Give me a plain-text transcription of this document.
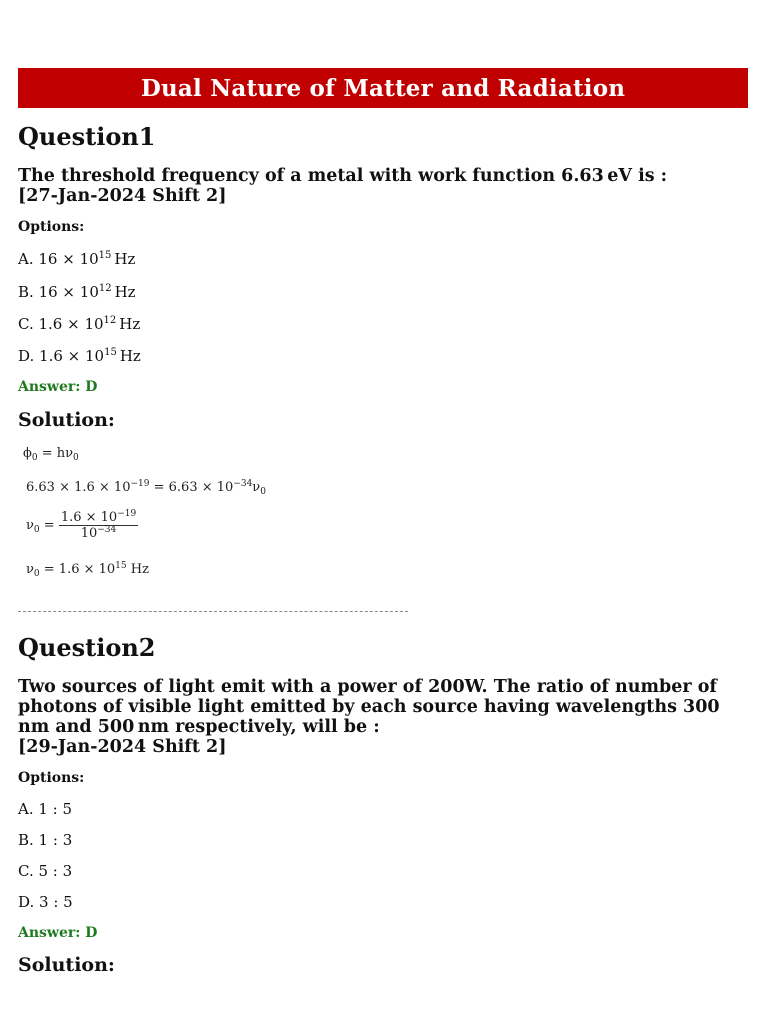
Dual Nature of Matter and Radiation
Question1
The threshold frequency of a metal with work function 6.63 eV is :
[27-Jan-2024 Shift 2]
Options:
A. $16 \times 10^{15}$  Hz
B. $16 \times 10^{12}$  Hz
C. $1.6 \times 10^{12}$  Hz
D. $1.6 \times 10^{15}$  Hz
Answer: D
Solution:
$\phi_0 = h\nu_0$
$6.63 \times 1.6 \times 10^{-19} = 6.63 \times 10^{-34}\nu_0$
$\nu_0 = \frac{1.6 \times 10^{-19}}{10^{-34}}$
$\nu_0 = 1.6 \times 10^{15}$ Hz
Question2
Two sources of light emit with a power of 200W. The ratio of number of
photons of visible light emitted by each source having wavelengths 300
nm and 500 nm respectively, will be :
[29-Jan-2024 Shift 2]
Options:
A. 1 : 5
B. 1 : 3
C. 5 : 3
D. 3 : 5
Answer: D
Solution:
